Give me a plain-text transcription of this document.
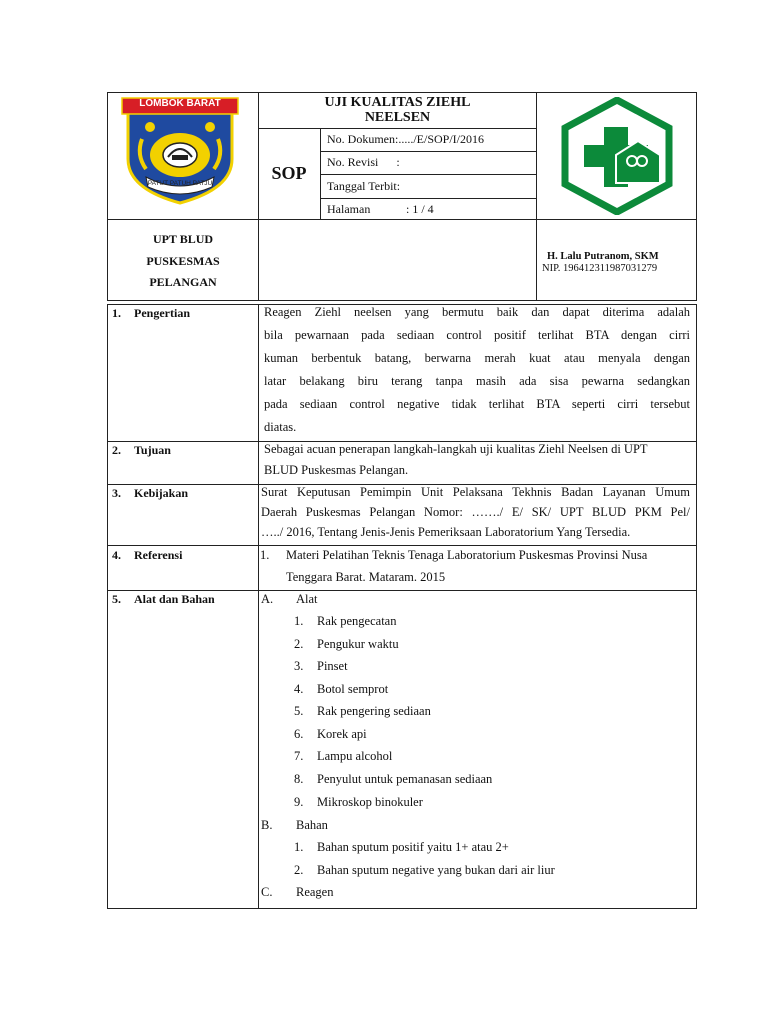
LOMBOK BARAT
PATUT PATUH PATJU
UJI KUALITAS ZIEHL NEELSEN
SOP
No. Dokumen:...../E/SOP/I/2016
No. Revisi      :
Tanggal Terbit:
Halaman	: 1 / 4
UPT BLUD
PUSKESMAS
PELANGAN
H. Lalu Putranom, SKM
NIP. 196412311987031279
1. Pengertian	Reagen Ziehl neelsen yang bermutu baik dan dapat diterima adalah
bila pewarnaan pada sediaan control positif terlihat BTA dengan cirri
kuman berbentuk batang, berwarna merah kuat atau menyala dengan
latar belakang biru terang tanpa masih ada sisa pewarna sedangkan
pada sediaan control negative tidak terlihat BTA seperti cirri tersebut
diatas.
2. Tujuan	Sebagai acuan penerapan langkah-langkah uji kualitas Ziehl Neelsen di UPT
BLUD Puskesmas Pelangan.
3. Kebijakan	Surat Keputusan Pemimpin Unit Pelaksana Tekhnis Badan Layanan Umum
Daerah Puskesmas Pelangan Nomor: ……./ E/ SK/ UPT BLUD PKM Pel/
…../ 2016, Tentang Jenis-Jenis Pemeriksaan Laboratorium Yang Tersedia.
4. Referensi	1. Materi Pelatihan Teknis Tenaga Laboratorium Puskesmas Provinsi Nusa
Tenggara Barat. Mataram. 2015
5. Alat dan Bahan	A. Alat
1. Rak pengecatan
2. Pengukur waktu
3. Pinset
4. Botol semprot
5. Rak pengering sediaan
6. Korek api
7. Lampu alcohol
8. Penyulut untuk pemanasan sediaan
9. Mikroskop binokuler
B. Bahan
1. Bahan sputum positif yaitu 1+ atau 2+
2. Bahan sputum negative yang bukan dari air liur
C. Reagen
